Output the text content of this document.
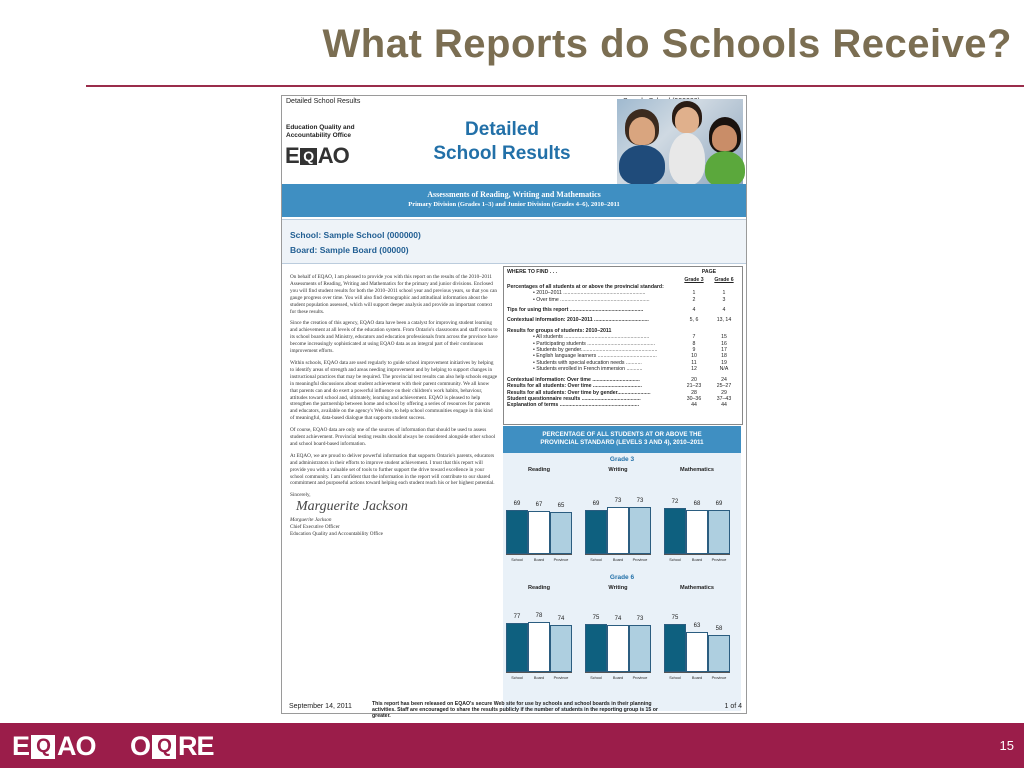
What Reports do Schools Receive?
Detailed School Results
Education Quality and Accountability Office
E Q AO
Detailed
School Results
Assessments of Reading, Writing and Mathematics
Primary Division (Grades 1–3) and Junior Division (Grades 4–6), 2010–2011
School: Sample School (000000)
Board: Sample Board (00000)

On behalf of EQAO, I am pleased to provide you with this report on the results of the 2010–2011 Assessments of Reading, Writing and Mathematics for the primary and junior divisions. Enclosed you will find student results for both the 2010–2011 school year and previous years, so that you can gauge progress over time. You will also find demographic and attitudinal information about the student population assessed, which will support deeper analysis and provide an important context for these results.

Since the creation of this agency, EQAO data have been a catalyst for improving student learning and achievement at all levels of the education system. From Ontario's classrooms and staff rooms to its school boards and Ministry, educators and education professionals from across the province have become increasingly sophisticated at using EQAO data as an integral part of their continuous improvement efforts.

Within schools, EQAO data are used regularly to guide school improvement initiatives by helping to identify areas of strength and areas needing improvement and by helping to support changes in instructional practices that may be required. The provincial test results can also help schools engage in meaningful discussions about student achievement with their parent community. We all know that parents can and do exert a powerful influence on their children's work habits, behaviour, attitudes toward school and, ultimately, learning and achievement. EQAO is pleased to help strengthen the partnership between home and school by offering a series of resources for parents and educators, available on the agency's Web site, to help school communities engage in this kind of meaningful, data-based dialogue that supports student success.

Of course, EQAO data are only one of the sources of information that should be used to assess student achievement. Provincial testing results should always be considered alongside other school and school board-based information.

At EQAO, we are proud to deliver powerful information that supports Ontario's parents, educators and administrators in their efforts to improve student achievement. I trust that this report will provide you with a valuable set of tools to further support the drive toward excellence in your school community. I am confident that the information in the report will contribute to our shared commitment and purposeful actions toward helping each student reach his or her highest potential.

Sincerely,

Marguerite Jackson
Marguerite Jackson
Chief Executive Officer
Education Quality and Accountability Office
WHERE TO FIND . . .	PAGE
Grade 3	Grade 6
Percentages of all students at or above the provincial standard:
• 2010–2011 .........................................................	1	1
• Over time ..............................................................	2	3
Tips for using this report ...................................................	4	4
Contextual information: 2010–2011 ......................................	5, 6	13, 14
Results for groups of students: 2010–2011
• All students ...........................................................	7	15
• Participating students ...............................................	8	16
• Students by gender.....................................................	9	17
• English language learners .........................................	10	18
• Students with special education needs ...........	11	19
• Students enrolled in French immersion ...........	12	N/A
Contextual information: Over time .................................	20	24
Results for all students: Over time ..................................	21–23	25–27
Results for all students: Over time by gender.......................	28	29
Student questionnaire results .........................................	30–36	37–43
Explanation of terms .......................................................	44	44
PERCENTAGE OF ALL STUDENTS AT OR ABOVE THE
PROVINCIAL STANDARD (LEVELS 3 AND 4), 2010–2011
Grade 3
Reading
69
School
67
Board
65
Province
Writing
69
School
73
Board
73
Province
Mathematics
72
School
68
Board
69
Province
Grade 6
Reading
77
School
78
Board
74
Province
Writing
75
School
74
Board
73
Province
Mathematics
75
School
63
Board
58
Province
September 14, 2011	This report has been released on EQAO's secure Web site for use by schools and school boards in their planning activities. Staff are encouraged to share the results publicly if the number of students in the reporting group is 15 or greater.
1 of 4
E Q AO O Q RE	15
